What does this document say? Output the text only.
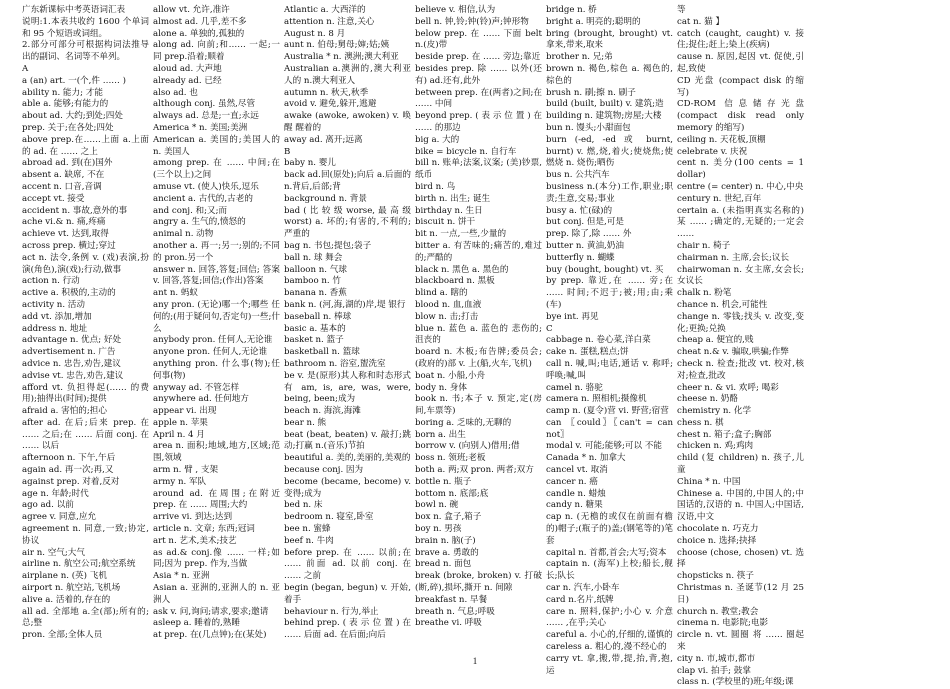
广东新课标中考英语词汇表

说明:1.本表共收约 1600 个单词和 95 个短语或词组。

2.部分可部分可根据构词法推导出的副词、名词等不单列。

A

a (an) art. 一(个,件 …… )

ability n. 能力; 才能

able a. 能够;有能力的

about ad. 大约;到处;四处

prep. 关于;在各处;四处

above prep.在……上面 a.上面的 ad. 在 …… 之上

abroad ad. 到(在)国外

absent a. 缺席, 不在

accent n. 口音,音调

accept vt. 接受

accident n. 事故,意外的事

ache vi.& n. 痛,疼痛

achieve vt. 达到,取得

across prep. 横过;穿过

act n. 法令,条例 v. (戏)表演,扮演(角色),演(戏);行动,做事

action n. 行动

active a. 积极的,主动的

activity n. 活动

add vt. 添加,增加

address n. 地址

advantage n. 优点; 好处

advertisement n. 广告

advice n. 忠告,劝告,建议

advise vt. 忠告,劝告,建议

afford vt. 负担得起(…… 的费用);抽得出(时间);提供

afraid a. 害怕的;担心

after ad. 在后;后来 prep. 在 …… 之后;在 …… 后面 conj. 在 …… 以后

afternoon n. 下午,午后

again ad. 再一次;再,又

against prep. 对着,反对

age n. 年龄;时代

ago ad. 以前

agree v. 同意,应允

agreement n. 同意,一致;协定,协议

air n. 空气;大气

airline n. 航空公司;航空系统

airplane n. (英) 飞机

airport n. 航空站,飞机场

alive a. 活着的,存在的

all ad. 全部地 a.全(部);所有的;总;整

pron. 全部;全体人员

allow vt. 允许,准许

almost ad. 几乎,差不多

alone a. 单独的,孤独的

along ad. 向前;和…… 一起;一同 prep.沿着;顺着

aloud ad. 大声地

already ad. 已经

also ad. 也

although conj. 虽然,尽管

always ad. 总是;一直;永远

America * n. 美国;美洲

American a. 美国的;美国人的 n. 美国人

among prep. 在 …… 中间;在(三个以上)之间

amuse vt. (使人)快乐,逗乐

ancient a. 古代的,古老的

and conj. 和;又;而

angry a. 生气的,愤怒的

animal n. 动物

another a. 再一;另一;别的;不同的 pron.另一个

answer n. 回答,答复;回信; 答案 v. 回答,答复;回信;(作出)答案

ant n. 蚂蚁

any pron. (无论)哪一个;哪些 任何的;(用于疑问句,否定句)一些;什么

anybody pron. 任何人,无论谁

anyone pron. 任何人,无论谁

anything pron. 什么事(物);任何事(物)

anyway ad. 不管怎样

anywhere ad. 任何地方

appear vi. 出现

apple n. 苹果

April n. 4 月

area n. 面积;地域,地方,区域;范围,领域

arm n. 臂 , 支架

army n. 军队

around ad. 在周围;在附近 prep. 在 …… 周围;大约

arrive vi. 到达;达到

article n. 文章; 东西;冠词

art n. 艺术,美术;技艺

as ad.& conj.像 …… 一样;如同;因为 prep. 作为,当做

Asia * n. 亚洲

Asian a. 亚洲的,亚洲人的 n. 亚洲人

ask v. 问,询问;请求,要求;邀请

asleep a. 睡着的,熟睡

at prep. 在(几点钟);在(某处)

Atlantic a. 大西洋的

attention n. 注意,关心

August n. 8 月

aunt n. 伯母;舅母;婶;姑;姨

Australia * n. 澳洲;澳大利亚

Australian a.澳洲的,澳大利亚人的 n.澳大利亚人

autumn n. 秋天,秋季

avoid v. 避免,躲开,逃避

awake (awoke, awoken) v. 唤醒 醒着的

away ad. 离开;远离

B

baby n. 婴儿

back ad.回(原处);向后 a.后面的 n.背后,后部;背

background n. 背景

bad ( 比 较 级 worse, 最 高 级 worst) a. 坏的;有害的,不利的;严重的

bag n. 书包;提包;袋子

ball n. 球 舞会

balloon n. 气球

bamboo n. 竹

banana n. 香蕉

bank n. (河,海,湖的)岸,堤 银行

baseball n. 棒球

basic a. 基本的

basket n. 篮子

basketball n. 篮球

bathroom n. 浴室,盥洗室

be v. 是(原形)其人称和时态形式有 am, is, are, was, were, being, been;成为

beach n. 海滨,海滩

bear n. 熊

beat (beat, beaten) v. 敲打;跳动;打赢 n.(音乐)节拍

beautiful a. 美的,美丽的,美观的

because conj. 因为

become (became, become) v. 变得;成为

bed n. 床

bedroom n. 寝室,卧室

bee n. 蜜蜂

beef n. 牛肉

before prep. 在 …… 以前;在 …… 前面 ad. 以前 conj. 在 …… 之前

begin (began, begun) v. 开始,着手

behaviour n. 行为,举止

behind prep. ( 表 示 位 置 ) 在 …… 后面 ad. 在后面;向后

believe v. 相信,认为

bell n. 钟,铃;钟(铃)声;钟形物

below prep. 在 …… 下面 belt n.(皮)带

beside prep. 在 …… 旁边;靠近

besides prep. 除 …… 以外(还有) ad.还有,此外

between prep. 在(两者)之间;在 …… 中间

beyond prep. ( 表 示 位 置 ) 在 …… 的那边

big a. 大的

bike = bicycle n. 自行车

bill n. 账单;法案,议案; (美)钞票,纸币

bird n. 鸟

birth n. 出生; 诞生

birthday n. 生日

biscuit n. 饼干

bit n. 一点,一些,少量的

bitter a. 有苦味的;痛苦的,难过的;严酷的

black n. 黑色 a. 黑色的

blackboard n. 黑板

blind a. 瞎的

blood n. 血,血液

blow n. 击;打击

blue n. 蓝色 a. 蓝色的 悲伤的; 沮丧的

board n. 木板;布告牌;委员会;(政府的)部 v. 上(船,火车,飞机)

boat n. 小船,小舟

body n. 身体

book n. 书;本子 v. 预定,定(房间,车票等)

boring a. 乏味的,无聊的

born a. 出生

borrow v. (向别人)借用;借

boss n. 领班;老板

both a. 两;双 pron. 两者;双方

bottle n. 瓶子

bottom n. 底部;底

bowl n. 碗

box n. 盒子,箱子

boy n. 男孩

brain n. 脑(子)

brave a. 勇敢的

bread n. 面包

break (broke, broken) v. 打破(断,碎),损坏,撕开 n. 间隙

breakfast n. 早餐

breath n. 气息;呼吸

breathe vi. 呼吸

bridge n. 桥

bright a. 明亮的;聪明的

bring (brought, brought) vt. 拿来,带来,取来

brother n. 兄;弟

brown n. 褐色,棕色 a. 褐色的,棕色的

brush n. 刷;擦 n. 刷子

build (built, built) v. 建筑;造

building n. 建筑物;房屋;大楼

bun n. 馒头;小甜面包

burn (-ed, -ed 或 burnt, burnt) v. 燃,烧,着火;使烧焦;使燃烧 n. 烧伤;晒伤

bus n. 公共汽车

business n.(本分)工作,职业;职责;生意,交易;事业

busy a. 忙(碌)的

but conj. 但是,可是

prep. 除了,除 …… 外

butter n. 黄油,奶油

butterfly n. 蝴蝶

buy (bought, bought) vt. 买

by prep. 靠近,在 …… 旁;在 …… 时间;不迟于;被;用;由;乘(车)

bye int. 再见

C

cabbage n. 卷心菜,洋白菜

cake n. 蛋糕,糕点;饼

call n. 喊,叫;电话,通话 v. 称呼;呼唤;喊,叫

camel n. 骆驼

camera n. 照相机;摄像机

camp n. (夏令)营 vi. 野营;宿营

can 〖could〗〖can't = can not〗

modal v. 可能;能够;可以 不能

Canada * n. 加拿大

cancel vt. 取消

cancer n. 癌

candle n. 蜡烛

candy n. 糖果

cap n. (无檐的或仅在前面有檐的)帽子;(瓶子的)盖;(钢笔等的)笔套

capital n. 首都,首会;大写;资本

captain n. (海军)上校;船长,舰长;队长

car n. 汽车,小卧车

card n.名片,纸牌

care n. 照料,保护;小心 v. 介意 …… ,在乎;关心

careful a. 小心的,仔细的,谨慎的

careless a. 粗心的,漫不经心的

carry vt. 拿,搬,带,提,抬,背,抱,运

等

cat n. 猫 】

catch (caught, caught) v. 接住;捉住;赶上;染上(疾病)

cause n. 原因,起因 vt. 促使,引起,致使

CD 光盘 (compact disk 的缩写)

CD-ROM 信息储存光盘 (compact disk read only memory 的缩写)

ceiling n. 天花板,顶棚

celebrate v. 庆祝

cent n. 美分(100 cents = 1 dollar)

centre (= center) n. 中心,中央

century n. 世纪,百年

certain a. (未指明真实名称的) 某 …… ;确定的,无疑的;一定会 ……

chair n. 椅子

chairman n. 主席,会长;议长

chairwoman n. 女主席,女会长;女议长

chalk n. 粉笔

chance n. 机会,可能性

change n. 零钱;找头 v. 改变,变化;更换;兑换

cheap a. 便宜的,贱

cheat n.& v. 骗取,哄骗;作弊

check n. 检查;批改 vt. 校对,核对;检查,批改

cheer n. & vi. 欢呼; 喝彩

cheese n. 奶酪

chemistry n. 化学

chess n. 棋

chest n. 箱子;盒子;胸部

chicken n. 鸡;鸡肉

child (复 children) n. 孩子,儿童

China * n. 中国

Chinese a. 中国的,中国人的;中国话的,汉语的 n. 中国人;中国话,汉语,中文

chocolate n. 巧克力

choice n. 选择;抉择

choose (chose, chosen) vt. 选择

chopsticks n. 筷子

Christmas n. 圣诞节(12 月 25 日)

church n. 教堂;教会

cinema n. 电影院;电影

circle n. vt. 圆圈 将 …… 圈起来

city n. 市,城市,都市

clap vi. 拍手; 鼓掌

class n. (学校里的)班;年级;课

1
